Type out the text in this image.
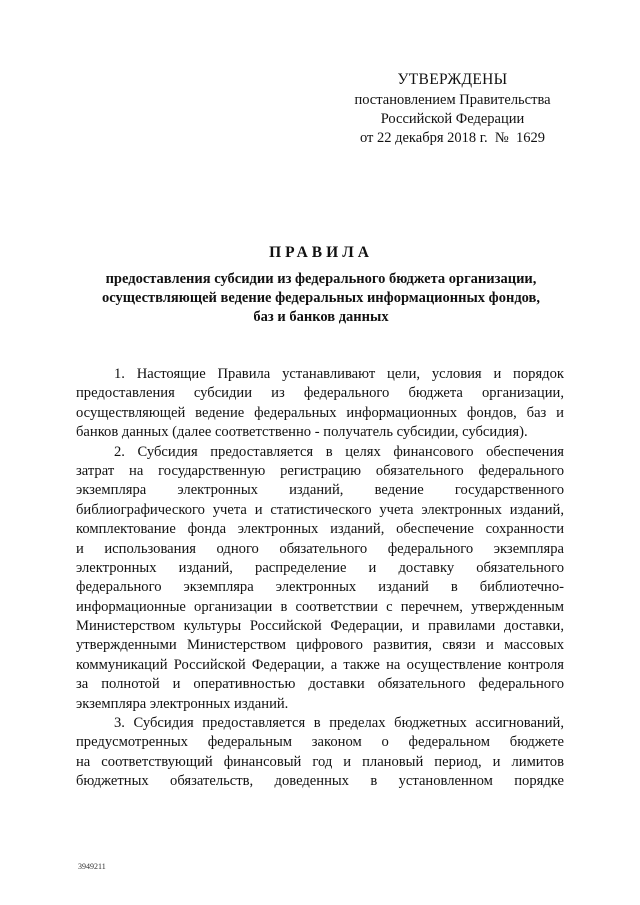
УТВЕРЖДЕНЫ
постановлением Правительства
Российской Федерации
от 22 декабря 2018 г.  №  1629
ПРАВИЛА
предоставления субсидии из федерального бюджета организации,
осуществляющей ведение федеральных информационных фондов,
баз и банков данных
1. Настоящие Правила устанавливают цели, условия и порядок
предоставления субсидии из федерального бюджета организации,
осуществляющей ведение федеральных информационных фондов, баз и
банков данных (далее соответственно - получатель субсидии, субсидия).
2. Субсидия предоставляется в целях финансового обеспечения
затрат на государственную регистрацию обязательного федерального
экземпляра электронных изданий, ведение государственного
библиографического учета и статистического учета электронных изданий,
комплектование фонда электронных изданий, обеспечение сохранности
и использования одного обязательного федерального экземпляра
электронных изданий, распределение и доставку обязательного
федерального экземпляра электронных изданий в библиотечно-
информационные организации в соответствии с перечнем, утвержденным
Министерством культуры Российской Федерации, и правилами доставки,
утвержденными Министерством цифрового развития, связи и массовых
коммуникаций Российской Федерации, а также на осуществление контроля
за полнотой и оперативностью доставки обязательного федерального
экземпляра электронных изданий.
3. Субсидия предоставляется в пределах бюджетных ассигнований,
предусмотренных федеральным законом о федеральном бюджете
на соответствующий финансовый год и плановый период, и лимитов
бюджетных обязательств, доведенных в установленном порядке
3949211
